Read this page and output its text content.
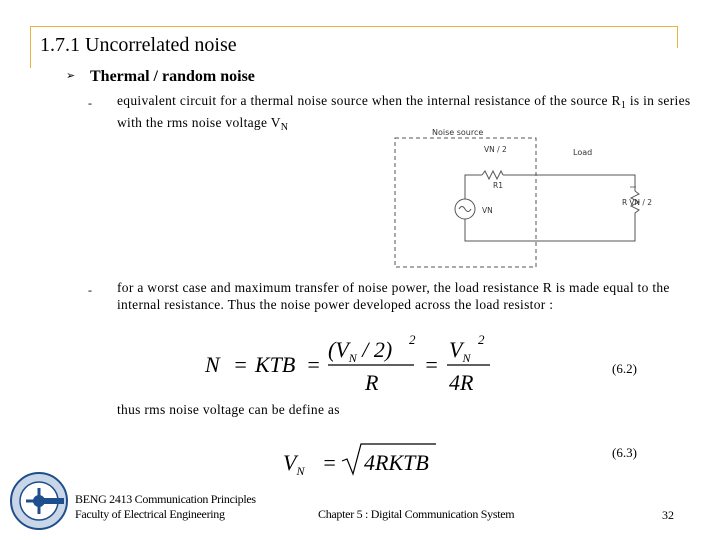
1.7.1 Uncorrelated noise
➢ Thermal / random noise
- equivalent circuit for a thermal noise source when the internal resistance of the source $R_1$ is in series with the rms noise voltage $V_N$	Noise source
VN / 2
R1
VN
Load
R VN / 2
- for a worst case and maximum transfer of noise power, the load resistance R is made equal to the internal resistance. Thus the noise power developed across the load resistor :
N = KTB =
$(V_N / 2)$ 2
R
=
$V_N$
2
4R
(6.2)
thus rms noise voltage can be define as
(6.3)
$V_N$ = 4RKTB
BENG 2413 Communication Principles
Faculty of Electrical Engineering	Chapter 5 : Digital Communication System	32
